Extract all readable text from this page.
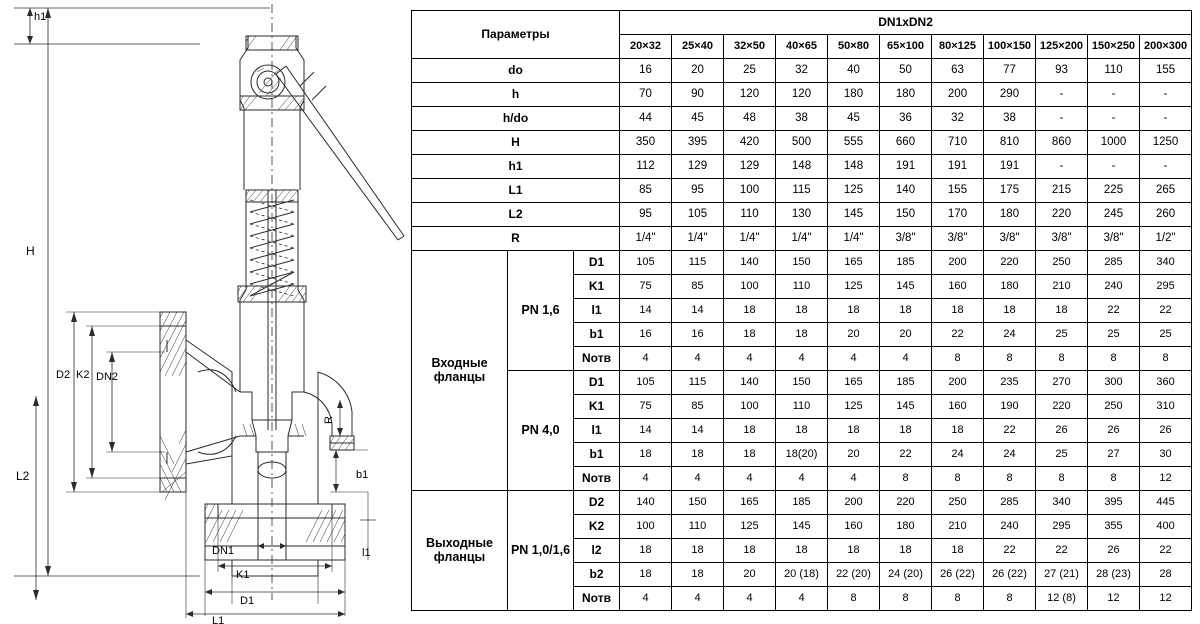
h1
H
L2
D2 K2 DN2
R
b1
DN1
K1
D1
L1
l1
Параметры			DN1xDN2										
			20×32	25×40	32×50	40×65	50×80	65×100	80×125	100×150	125×200	150×250	200×300
do			16	20	25	32	40	50	63	77	93	110	155
h			70	90	120	120	180	180	200	290	-	-	-
h/do			44	45	48	38	45	36	32	38	-	-	-
H			350	395	420	500	555	660	710	810	860	1000	1250
h1			112	129	129	148	148	191	191	191	-	-	-
L1			85	95	100	115	125	140	155	175	215	225	265
L2			95	105	110	130	145	150	170	180	220	245	260
R			1/4"	1/4"	1/4"	1/4"	1/4"	3/8"	3/8"	3/8"	3/8"	3/8"	1/2"
Входные фланцы	PN 1,6	D1	105	115	140	150	165	185	200	220	250	285	340
		K1	75	85	100	110	125	145	160	180	210	240	295
		l1	14	14	18	18	18	18	18	18	18	22	22
		b1	16	16	18	18	20	20	22	24	25	25	25
		Nотв	4	4	4	4	4	4	8	8	8	8	8
	PN 4,0	D1	105	115	140	150	165	185	200	235	270	300	360
		K1	75	85	100	110	125	145	160	190	220	250	310
		l1	14	14	18	18	18	18	18	22	26	26	26
		b1	18	18	18	18(20)	20	22	24	24	25	27	30
		Nотв	4	4	4	4	4	8	8	8	8	8	12
Выходные фланцы	PN 1,0/1,6	D2	140	150	165	185	200	220	250	285	340	395	445
		K2	100	110	125	145	160	180	210	240	295	355	400
		l2	18	18	18	18	18	18	18	22	22	26	22
		b2	18	18	20	20 (18)	22 (20)	24 (20)	26 (22)	26 (22)	27 (21)	28 (23)	28
		Nотв	4	4	4	4	8	8	8	8	12 (8)	12	12
